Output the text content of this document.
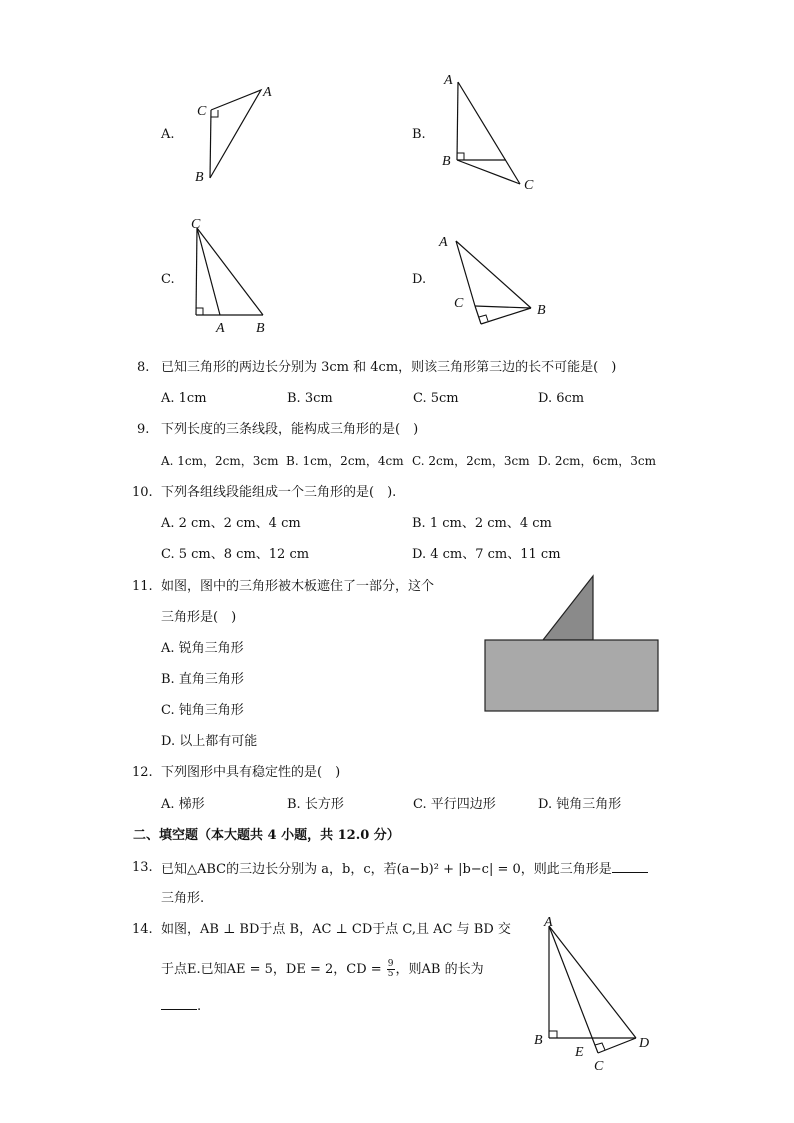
A.
C
A
B
B.
A
B
C
C.
C
A B
D.
A
C	B
8. 已知三角形的两边长分别为 3cm 和 4cm，则该三角形第三边的长不可能是(　)
A. 1cm	B. 3cm	C. 5cm	D. 6cm
9. 下列长度的三条线段，能构成三角形的是(　)
A. 1cm，2cm，3cm B. 1cm，2cm，4cm C. 2cm，2cm，3cm D. 2cm，6cm，3cm
10. 下列各组线段能组成一个三角形的是(　).
A. 2 cm、2 cm、4 cm	B. 1 cm、2 cm、4 cm
C. 5 cm、8 cm、12 cm	D. 4 cm、7 cm、11 cm
11. 如图，图中的三角形被木板遮住了一部分，这个
三角形是(　)
A. 锐角三角形
B. 直角三角形
C. 钝角三角形
D. 以上都有可能
12. 下列图形中具有稳定性的是(　)
A. 梯形	B. 长方形	C. 平行四边形	D. 钝角三角形
二、填空题（本大题共 4 小题，共 12.0 分）
13. 已知△ABC的三边长分别为 a，b，c，若(a−b)² + |b−c| = 0，则此三角形是
三角形.
14. 如图，AB ⊥ BD于点 B，AC ⊥ CD于点 C,且 AC 与 BD 交
于点E.已知AE = 5，DE = 2，CD = $\frac{9}{5}$ ，则AB 的长为
.
A
B
E
C
D
